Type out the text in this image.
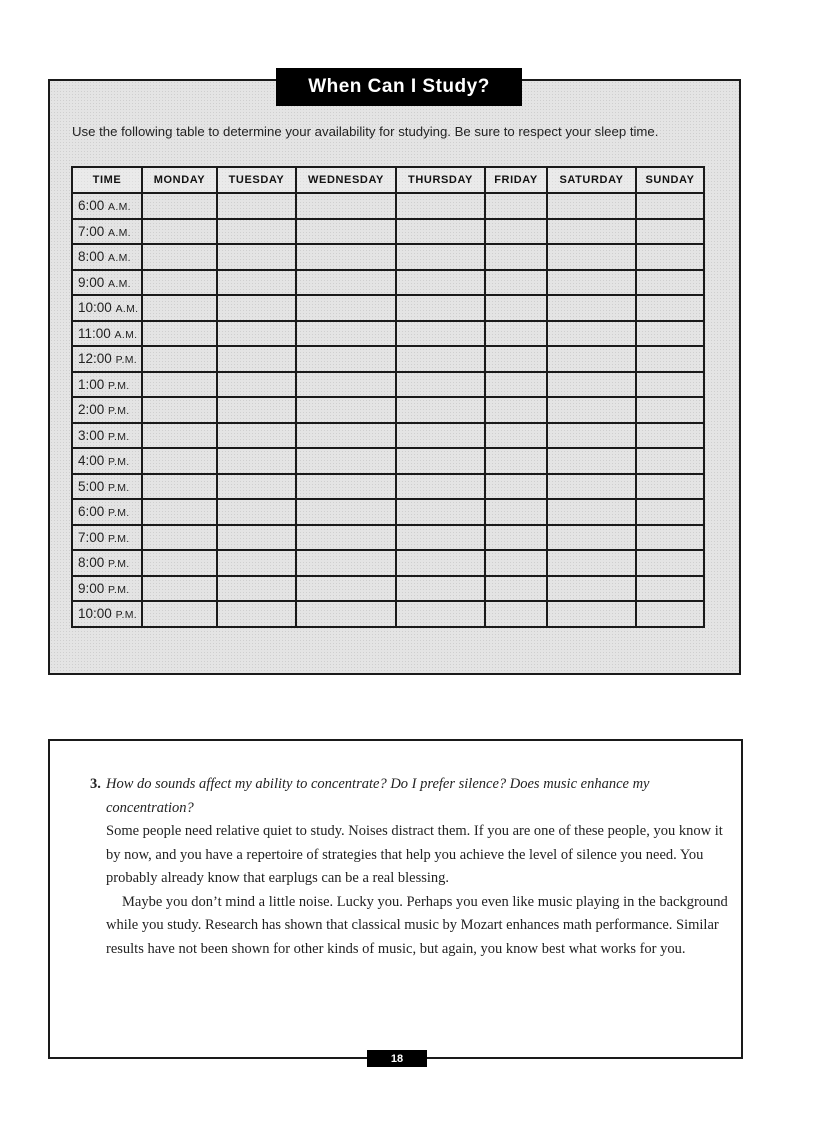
When Can I Study?
Use the following table to determine your availability for studying. Be sure to respect your sleep time.
TIME	MONDAY	TUESDAY	WEDNESDAY	THURSDAY	FRIDAY	SATURDAY	SUNDAY
6:00 A.M.							
7:00 A.M.							
8:00 A.M.							
9:00 A.M.							
10:00 A.M.							
11:00 A.M.							
12:00 P.M.							
1:00 P.M.							
2:00 P.M.							
3:00 P.M.							
4:00 P.M.							
5:00 P.M.							
6:00 P.M.							
7:00 P.M.							
8:00 P.M.							
9:00 P.M.							
10:00 P.M.							
3. How do sounds affect my ability to concentrate? Do I prefer silence? Does music enhance my concentration?

Some people need relative quiet to study. Noises distract them. If you are one of these people, you know it by now, and you have a repertoire of strategies that help you achieve the level of silence you need. You probably already know that earplugs can be a real blessing.

Maybe you don’t mind a little noise. Lucky you. Perhaps you even like music playing in the background while you study. Research has shown that classical music by Mozart enhances math performance. Similar results have not been shown for other kinds of music, but again, you know best what works for you.

18
